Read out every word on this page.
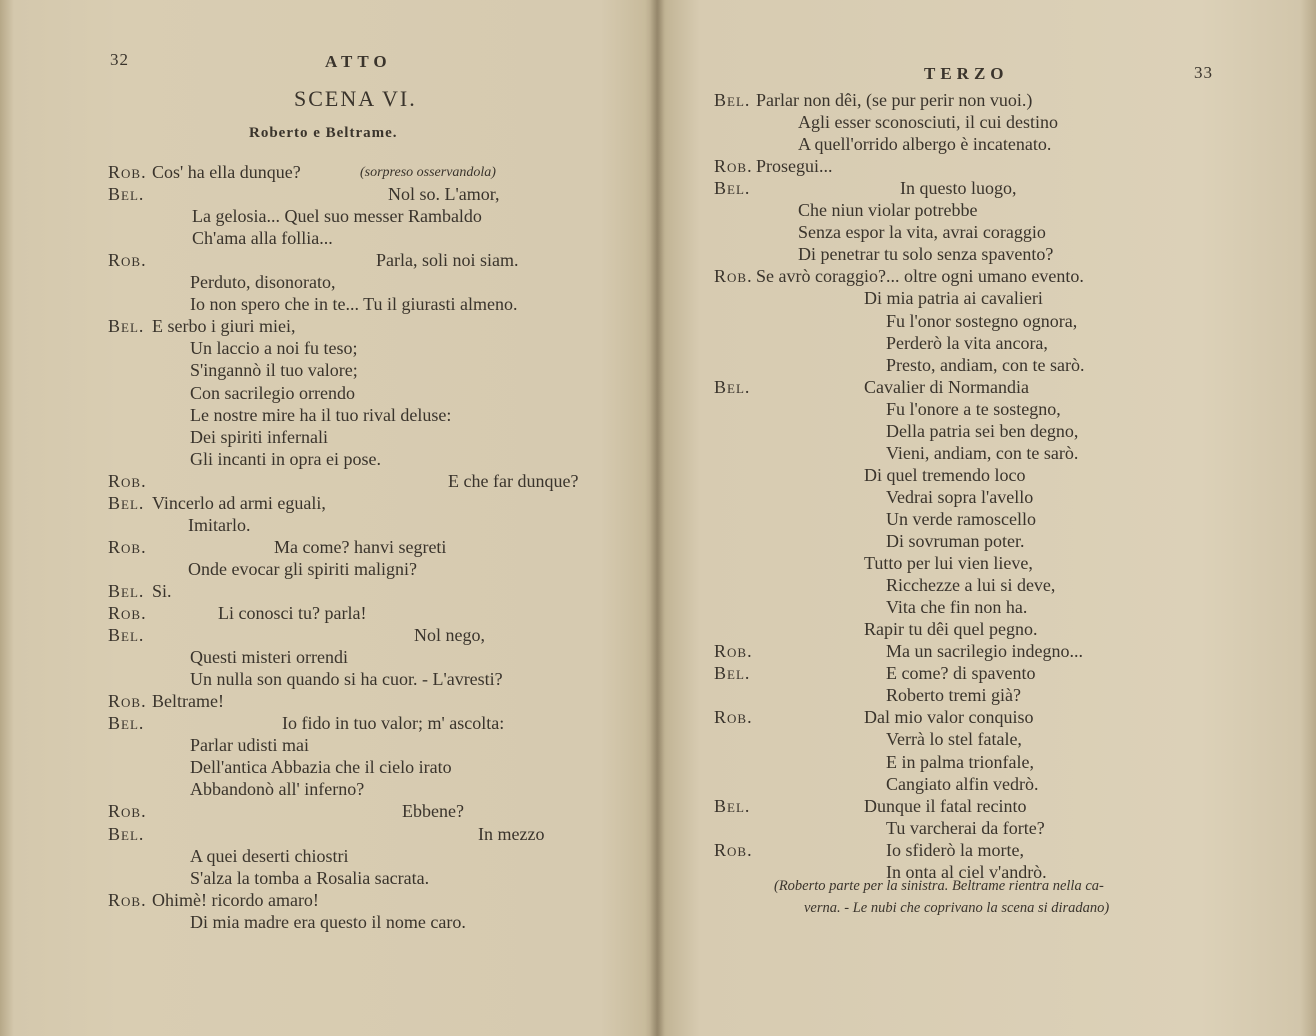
32	ATTO
SCENA VI.
Roberto e Beltrame.
Rob. Cos' ha ella dunque?	(sorpreso osservandola)
Bel.	Nol so. L'amor,
La gelosia... Quel suo messer Rambaldo
Ch'ama alla follia...
Rob.	Parla, soli noi siam.
Perduto, disonorato,
Io non spero che in te... Tu il giurasti almeno.
Bel. E serbo i giuri miei,
Un laccio a noi fu teso;
S'ingannò il tuo valore;
Con sacrilegio orrendo
Le nostre mire ha il tuo rival deluse:
Dei spiriti infernali
Gli incanti in opra ei pose.
Rob.	E che far dunque?
Bel. Vincerlo ad armi eguali,
Imitarlo.
Rob.	Ma come? hanvi segreti
Onde evocar gli spiriti maligni?
Bel. Si.
Rob.	Li conosci tu? parla!
Bel.	Nol nego,
Questi misteri orrendi
Un nulla son quando si ha cuor. - L'avresti?
Rob. Beltrame!
Bel.	Io fido in tuo valor; m' ascolta:
Parlar udisti mai
Dell'antica Abbazia che il cielo irato
Abbandonò all' inferno?
Rob.	Ebbene?
Bel.	In mezzo
A quei deserti chiostri
S'alza la tomba a Rosalia sacrata.
Rob. Ohimè! ricordo amaro!
Di mia madre era questo il nome caro.
TERZO	33
Bel. Parlar non dêi, (se pur perir non vuoi.)
Agli esser sconosciuti, il cui destino
A quell'orrido albergo è incatenato.
Rob. Prosegui...
Bel.	In questo luogo,
Che niun violar potrebbe
Senza espor la vita, avrai coraggio
Di penetrar tu solo senza spavento?
Rob. Se avrò coraggio?... oltre ogni umano evento.
Di mia patria ai cavalieri
Fu l'onor sostegno ognora,
Perderò la vita ancora,
Presto, andiam, con te sarò.
Bel.	Cavalier di Normandia
Fu l'onore a te sostegno,
Della patria sei ben degno,
Vieni, andiam, con te sarò.
Di quel tremendo loco
Vedrai sopra l'avello
Un verde ramoscello
Di sovruman poter.
Tutto per lui vien lieve,
Ricchezze a lui si deve,
Vita che fin non ha.
Rapir tu dêi quel pegno.
Rob.	Ma un sacrilegio indegno...
Bel.	E come? di spavento
Roberto tremi già?
Rob.	Dal mio valor conquiso
Verrà lo stel fatale,
E in palma trionfale,
Cangiato alfin vedrò.
Bel.	Dunque il fatal recinto
Tu varcherai da forte?
Rob.	Io sfiderò la morte,
In onta al ciel v'andrò.
(Roberto parte per la sinistra. Beltrame rientra nella ca-
verna. - Le nubi che coprivano la scena si diradano)
